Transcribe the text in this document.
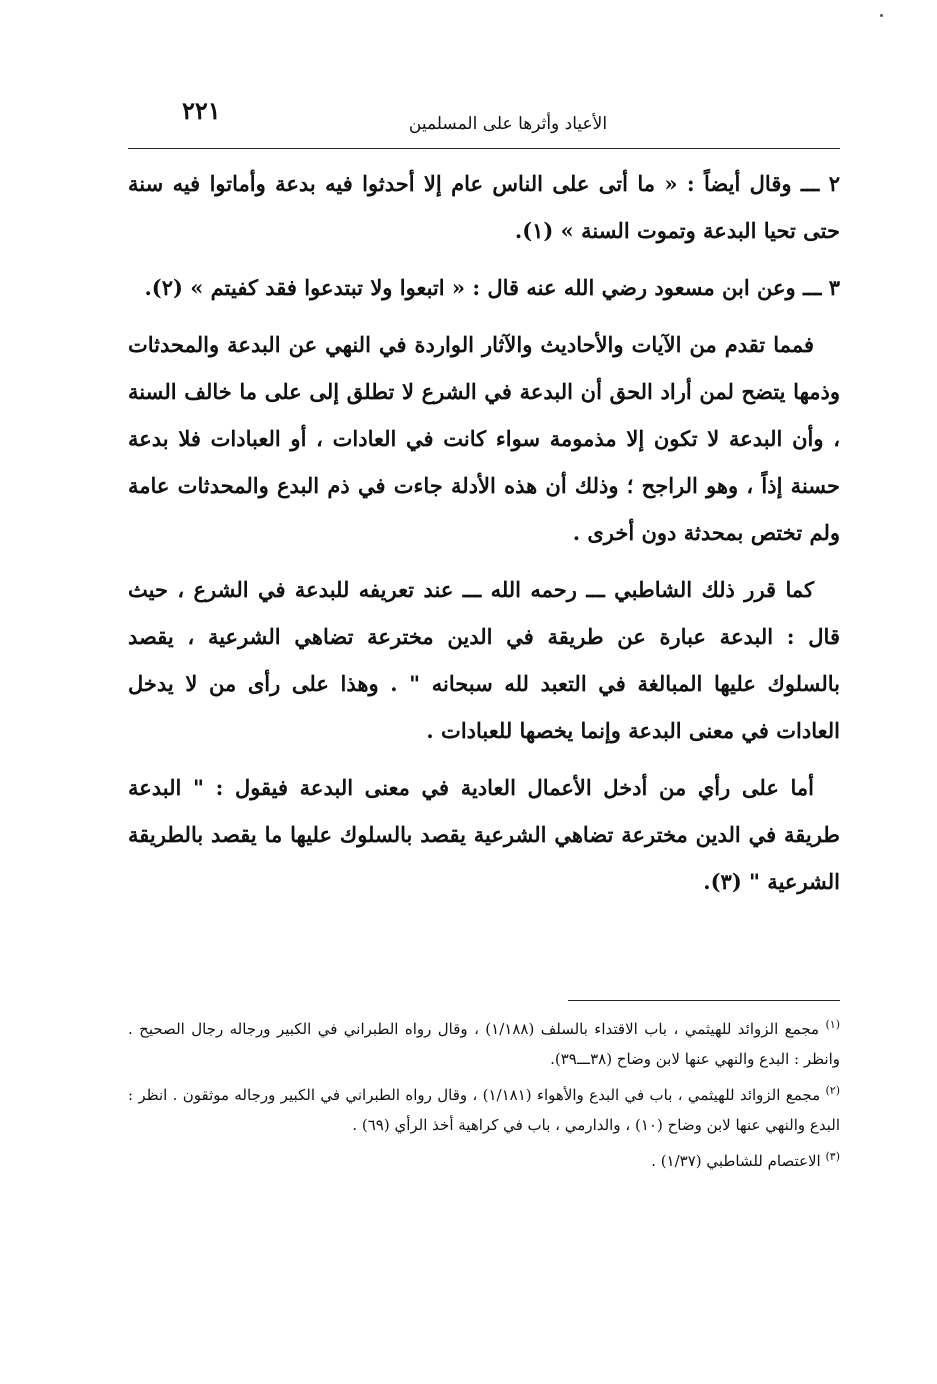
٢٢١	الأعياد وأثرها على المسلمين

٢ ـــ وقال أيضاً : « ما أتى على الناس عام إلا أحدثوا فيه بدعة وأماتوا فيه سنة حتى تحيا البدعة وتموت السنة » (١).

٣ ـــ وعن ابن مسعود رضي الله عنه قال : « اتبعوا ولا تبتدعوا فقد كفيتم » (٢).

فمما تقدم من الآيات والأحاديث والآثار الواردة في النهي عن البدعة والمحدثات وذمها يتضح لمن أراد الحق أن البدعة في الشرع لا تطلق إلى على ما خالف السنة ، وأن البدعة لا تكون إلا مذمومة سواء كانت في العادات ، أو العبادات فلا بدعة حسنة إذاً ، وهو الراجح ؛ وذلك أن هذه الأدلة جاءت في ذم البدع والمحدثات عامة ولم تختص بمحدثة دون أخرى .

كما قرر ذلك الشاطبي ـــ رحمه الله ـــ عند تعريفه للبدعة في الشرع ، حيث قال : البدعة عبارة عن طريقة في الدين مخترعة تضاهي الشرعية ، يقصد بالسلوك عليها المبالغة في التعبد لله سبحانه " . وهذا على رأى من لا يدخل العادات في معنى البدعة وإنما يخصها للعبادات .

أما على رأي من أدخل الأعمال العادية في معنى البدعة فيقول : " البدعة طريقة في الدين مخترعة تضاهي الشرعية يقصد بالسلوك عليها ما يقصد بالطريقة الشرعية " (٣).

$^{(١)}$ مجمع الزوائد للهيثمي ، باب الاقتداء بالسلف (١/١٨٨) ، وقال رواه الطبراني في الكبير ورجاله رجال الصحيح . وانظر : البدع والنهي عنها لابن وضاح (٣٨ـــ٣٩).

$^{(٢)}$ مجمع الزوائد للهيثمي ، باب في البدع والأهواء (١/١٨١) ، وقال رواه الطبراني في الكبير ورجاله موثقون . انظر : البدع والنهي عنها لابن وضاح (١٠) ، والدارمي ، باب في كراهية أخذ الرأي (٦٩) .

$^{(٣)}$ الاعتصام للشاطبي (١/٣٧) .
